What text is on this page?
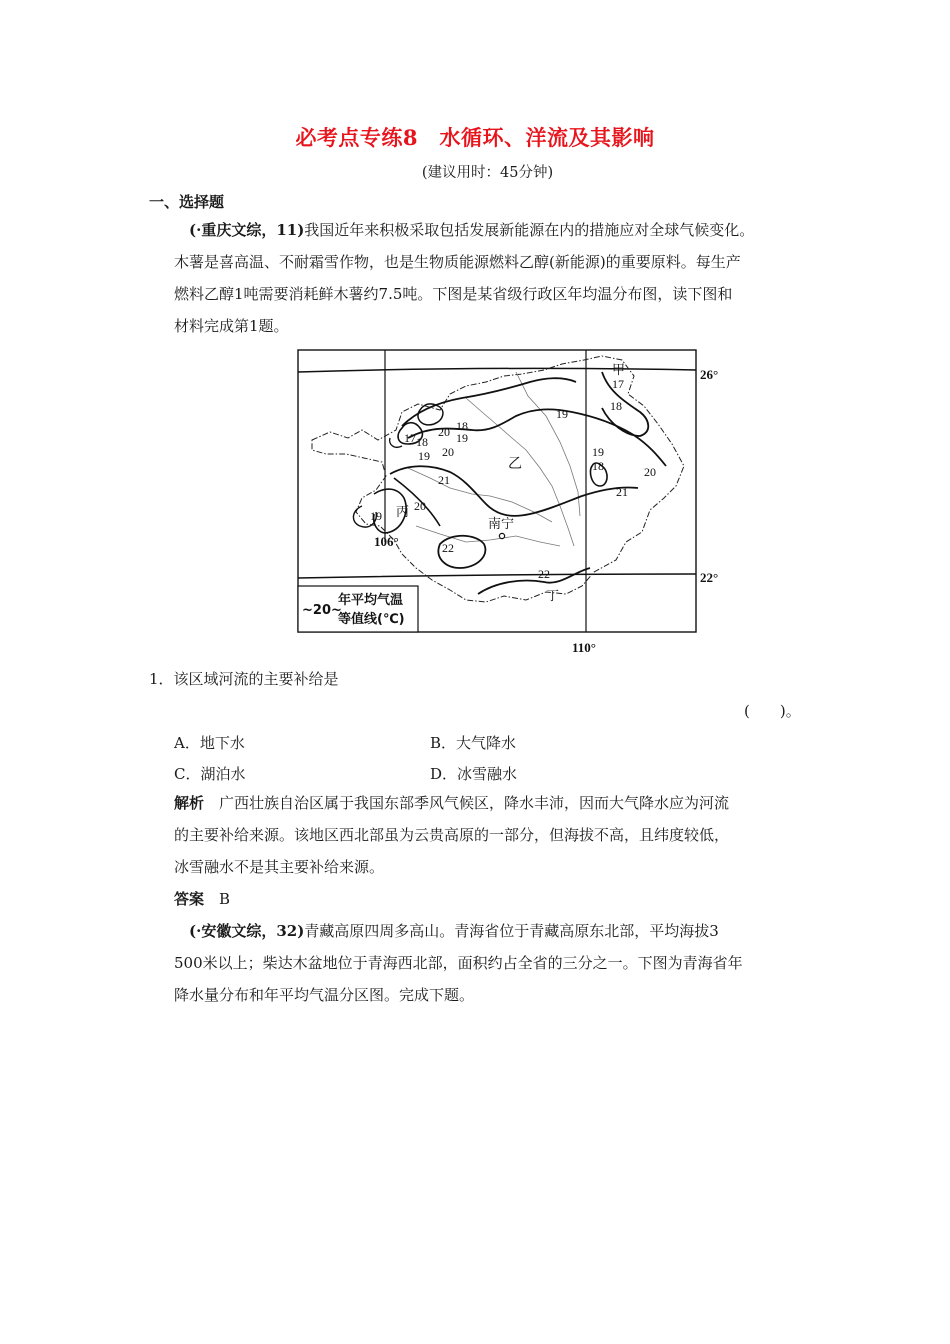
必考点专练8　水循环、洋流及其影响
(建议用时：45分钟)
一、选择题

(·重庆文综，11)我国近年来积极采取包括发展新能源在内的措施应对全球气候变化。

木薯是喜高温、不耐霜雪作物，也是生物质能源燃料乙醇(新能源)的重要原料。每生产

燃料乙醇1吨需要消耗鲜木薯约7.5吨。下图是某省级行政区年均温分布图，读下图和

材料完成第1题。

26°
22°
106°
110°
甲
乙
丙
丁
南宁
17
18
19
17 18
20 18
19
20
19	19
18	20
21
21
20
19
22
22
~20~
年平均气温
等值线(℃)
1．该区域河流的主要补给是
(　　)。
A．地下水	B．大气降水
C．湖泊水	D．冰雪融水

解析　 广西壮族自治区属于我国东部季风气候区，降水丰沛，因而大气降水应为河流

的主要补给来源。该地区西北部虽为云贵高原的一部分，但海拔不高，且纬度较低，

冰雪融水不是其主要补给来源。

答案　 B

(·安徽文综，32)青藏高原四周多高山。青海省位于青藏高原东北部，平均海拔3

500米以上；柴达木盆地位于青海西北部，面积约占全省的三分之一。下图为青海省年

降水量分布和年平均气温分区图。完成下题。
